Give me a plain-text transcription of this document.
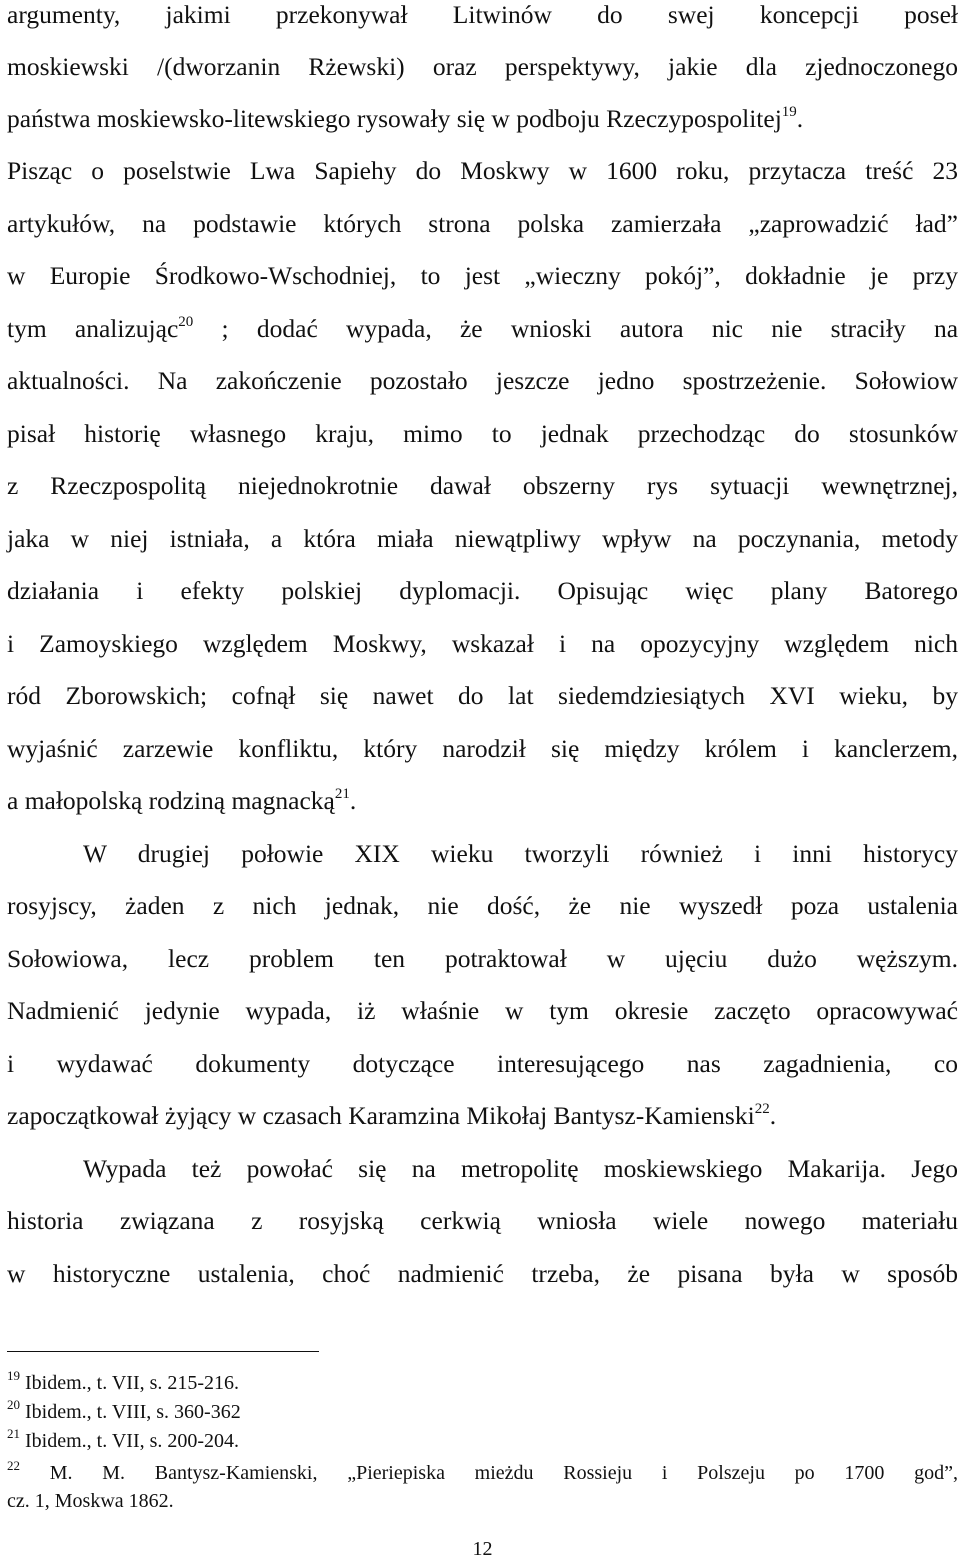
argumenty, jakimi przekonywał Litwinów do swej koncepcji poseł
moskiewski /(dworzanin Rżewski) oraz perspektywy, jakie dla zjednoczonego
państwa moskiewsko-litewskiego rysowały się w podboju Rzeczypospolitej$^{19}$.
Pisząc o poselstwie Lwa Sapiehy do Moskwy w 1600 roku, przytacza treść 23
artykułów, na podstawie których strona polska zamierzała „zaprowadzić ład”
w Europie Środkowo-Wschodniej, to jest „wieczny pokój”, dokładnie je przy
tym analizując$^{20}$ ; dodać wypada, że wnioski autora nic nie straciły na
aktualności. Na zakończenie pozostało jeszcze jedno spostrzeżenie. Sołowiow
pisał historię własnego kraju, mimo to jednak przechodząc do stosunków
z Rzeczpospolitą niejednokrotnie dawał obszerny rys sytuacji wewnętrznej,
jaka w niej istniała, a która miała niewątpliwy wpływ na poczynania, metody
działania i efekty polskiej dyplomacji. Opisując więc plany Batorego
i Zamoyskiego względem Moskwy, wskazał i na opozycyjny względem nich
ród Zborowskich; cofnął się nawet do lat siedemdziesiątych XVI wieku, by
wyjaśnić zarzewie konfliktu, który narodził się między królem i kanclerzem,
a małopolską rodziną magnacką$^{21}$.
W drugiej połowie XIX wieku tworzyli również i inni historycy
rosyjscy, żaden z nich jednak, nie dość, że nie wyszedł poza ustalenia
Sołowiowa, lecz problem ten potraktował w ujęciu dużo węższym.
Nadmienić jedynie wypada, iż właśnie w tym okresie zaczęto opracowywać
i wydawać dokumenty dotyczące interesującego nas zagadnienia, co
zapoczątkował żyjący w czasach Karamzina Mikołaj Bantysz-Kamienski$^{22}$.
Wypada też powołać się na metropolitę moskiewskiego Makarija. Jego
historia związana z rosyjską cerkwią wniosła wiele nowego materiału
w historyczne ustalenia, choć nadmienić trzeba, że pisana była w sposób
$^{19}$ Ibidem., t. VII, s. 215-216.
$^{20}$ Ibidem., t. VIII, s. 360-362
$^{21}$ Ibidem., t. VII, s. 200-204.
$^{22}$ M. M. Bantysz-Kamienski, „Pieriepiska mieżdu Rossieju i Polszeju po 1700 god”,
cz. 1, Moskwa 1862.
12
